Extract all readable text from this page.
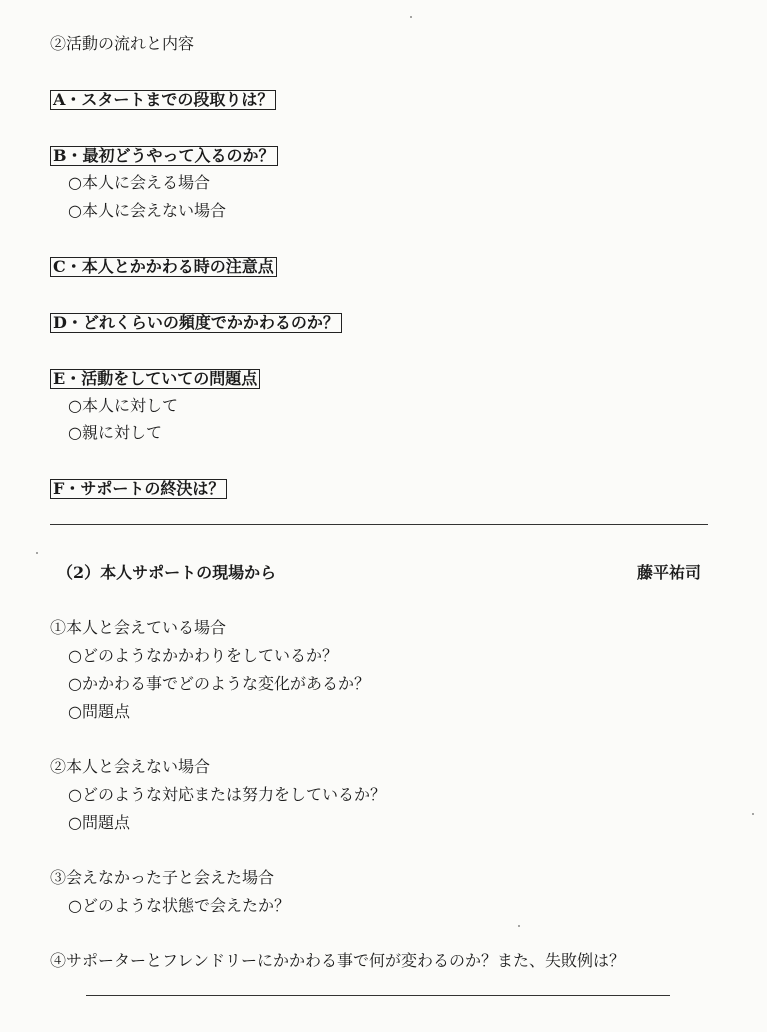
②活動の流れと内容
A・スタートまでの段取りは？
B・最初どうやって入るのか？
○本人に会える場合
○本人に会えない場合
C・本人とかかわる時の注意点
D・どれくらいの頻度でかかわるのか？
E・活動をしていての問題点
○本人に対して
○親に対して
F・サポートの終決は？
（2）本人サポートの現場から	藤平祐司
①本人と会えている場合
○どのようなかかわりをしているか？
○かかわる事でどのような変化があるか？
○問題点
②本人と会えない場合
○どのような対応または努力をしているか？
○問題点
③会えなかった子と会えた場合
○どのような状態で会えたか？
④サポーターとフレンドリーにかかわる事で何が変わるのか？また、失敗例は？
